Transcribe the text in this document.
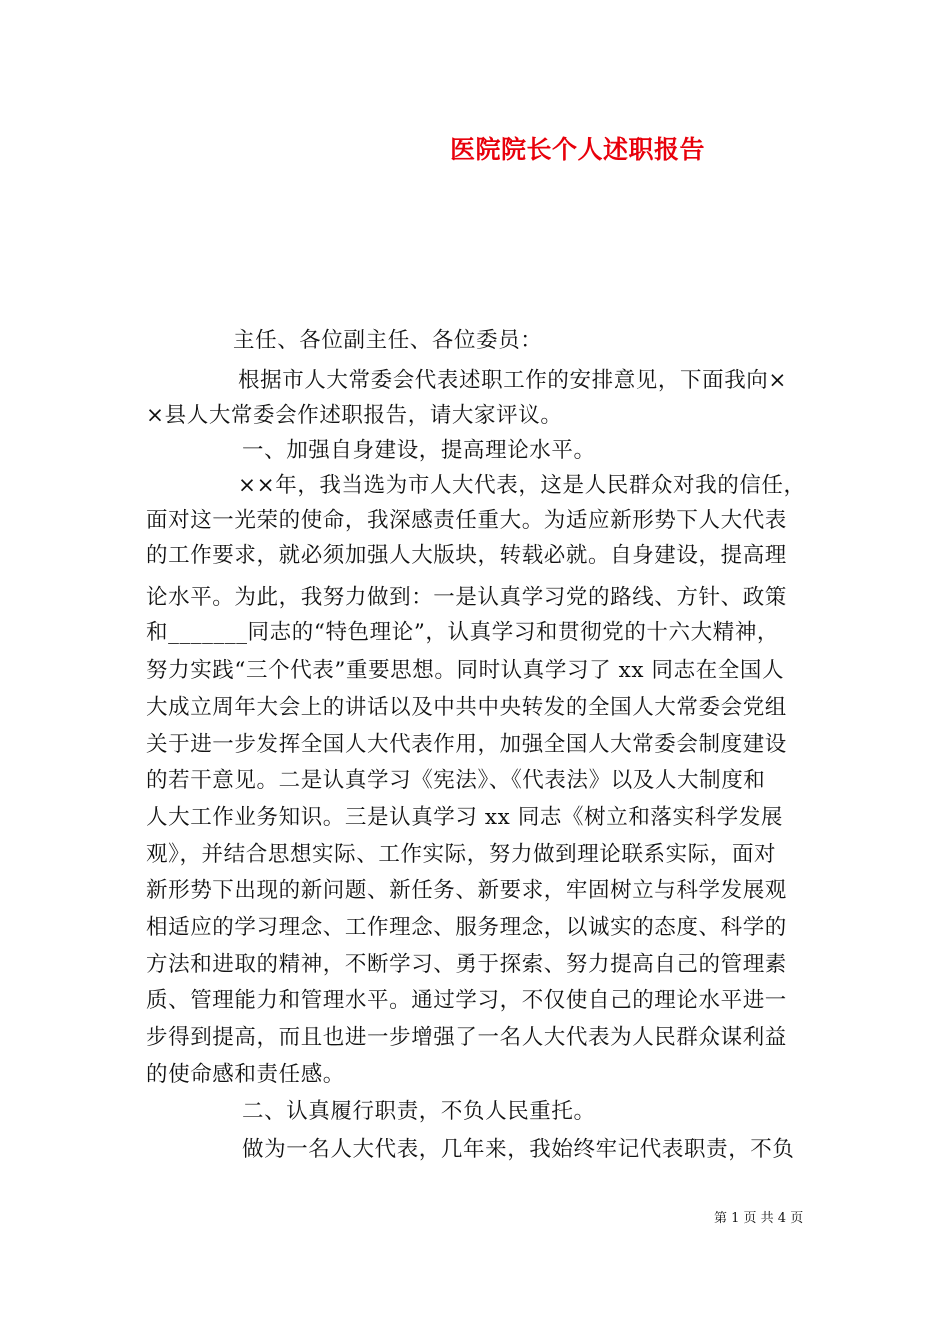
医院院长个人述职报告
主任、各位副主任、各位委员：
根据市人大常委会代表述职工作的安排意见，下面我向×
×县人大常委会作述职报告，请大家评议。
一、加强自身建设，提高理论水平。
××年，我当选为市人大代表，这是人民群众对我的信任，
面对这一光荣的使命，我深感责任重大。为适应新形势下人大代表
的工作要求，就必须加强人大版块，转载必就。自身建设，提高理
论水平。为此，我努力做到：一是认真学习党的路线、方针、政策
和_______同志的“特色理论”，认真学习和贯彻党的十六大精神，
努力实践“三个代表”重要思想。同时认真学习了 xx 同志在全国人
大成立周年大会上的讲话以及中共中央转发的全国人大常委会党组
关于进一步发挥全国人大代表作用，加强全国人大常委会制度建设
的若干意见。二是认真学习《宪法》、《代表法》以及人大制度和
人大工作业务知识。三是认真学习 xx 同志《树立和落实科学发展
观》，并结合思想实际、工作实际，努力做到理论联系实际，面对
新形势下出现的新问题、新任务、新要求，牢固树立与科学发展观
相适应的学习理念、工作理念、服务理念，以诚实的态度、科学的
方法和进取的精神，不断学习、勇于探索、努力提高自己的管理素
质、管理能力和管理水平。通过学习，不仅使自己的理论水平进一
步得到提高，而且也进一步增强了一名人大代表为人民群众谋利益
的使命感和责任感。
二、认真履行职责，不负人民重托。
做为一名人大代表，几年来，我始终牢记代表职责，不负
第 1 页 共 4 页
